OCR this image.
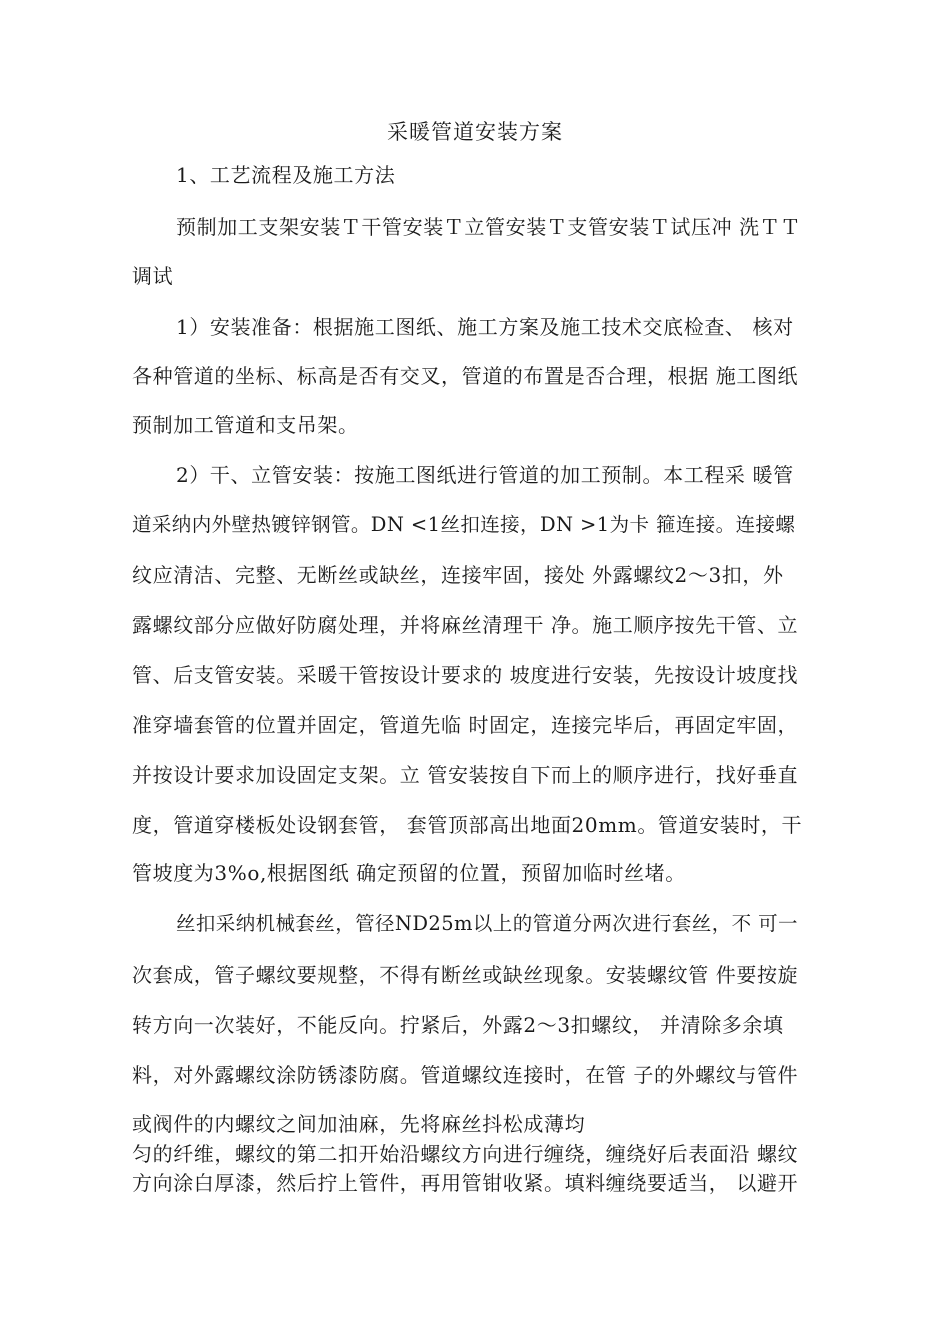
采暖管道安装方案
1、工艺流程及施工方法
预制加工支架安装Ｔ干管安装Ｔ立管安装Ｔ支管安装Ｔ试压冲 洗ＴＴ
调试
1）安装准备：根据施工图纸、施工方案及施工技术交底检查、 核对
各种管道的坐标、标高是否有交叉，管道的布置是否合理，根据 施工图纸
预制加工管道和支吊架。
2）干、立管安装：按施工图纸进行管道的加工预制。本工程采 暖管
道采纳内外壁热镀锌钢管。DN <1丝扣连接，DN >1为卡 箍连接。连接螺
纹应清洁、完整、无断丝或缺丝，连接牢固，接处 外露螺纹2〜3扣，外
露螺纹部分应做好防腐处理，并将麻丝清理干 净。施工顺序按先干管、立
管、后支管安装。采暖干管按设计要求的 坡度进行安装，先按设计坡度找
准穿墙套管的位置并固定，管道先临 时固定，连接完毕后，再固定牢固，
并按设计要求加设固定支架。立 管安装按自下而上的顺序进行，找好垂直
度，管道穿楼板处设钢套管， 套管顶部高出地面20mm。管道安装时，干
管坡度为3%o,根据图纸 确定预留的位置，预留加临时丝堵。
丝扣采纳机械套丝，管径ND25m以上的管道分两次进行套丝，不 可一
次套成，管子螺纹要规整，不得有断丝或缺丝现象。安装螺纹管 件要按旋
转方向一次装好，不能反向。拧紧后，外露2〜3扣螺纹， 并清除多余填
料，对外露螺纹涂防锈漆防腐。管道螺纹连接时，在管 子的外螺纹与管件
或阀件的内螺纹之间加油麻，先将麻丝抖松成薄均
匀的纤维，螺纹的第二扣开始沿螺纹方向进行缠绕，缠绕好后表面沿 螺纹
方向涂白厚漆，然后拧上管件，再用管钳收紧。填料缠绕要适当， 以避开
